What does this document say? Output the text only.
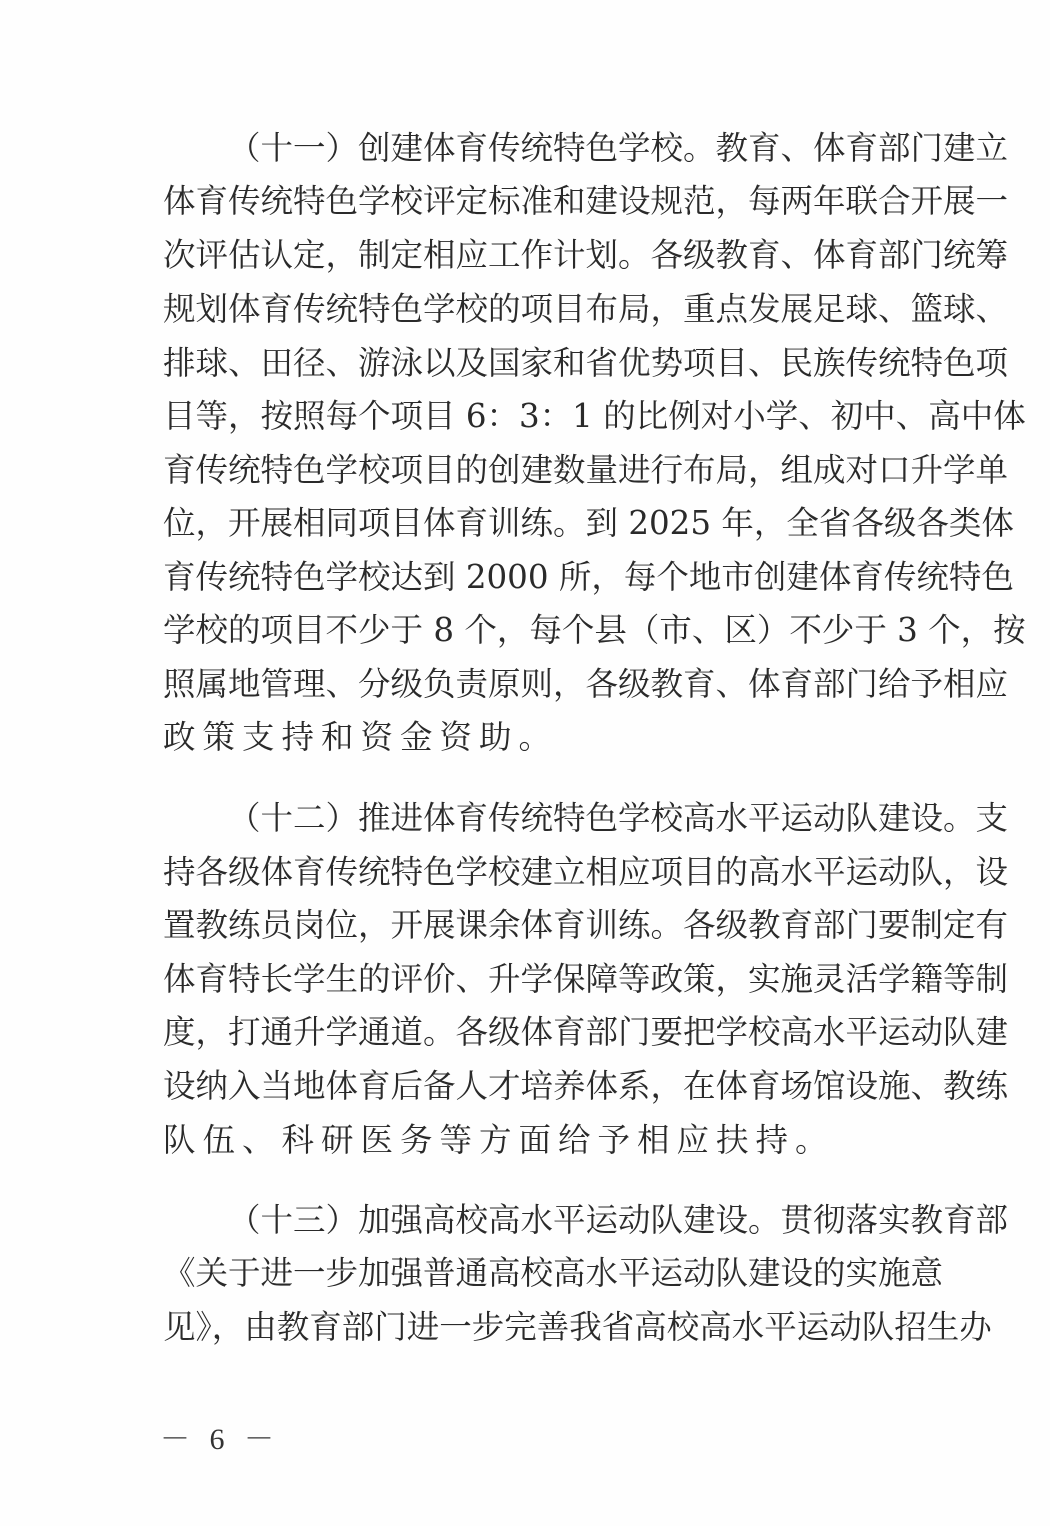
（十一）创建体育传统特色学校。教育、体育部门建立
体育传统特色学校评定标准和建设规范，每两年联合开展一
次评估认定，制定相应工作计划。各级教育、体育部门统筹
规划体育传统特色学校的项目布局，重点发展足球、篮球、
排球、田径、游泳以及国家和省优势项目、民族传统特色项
目等，按照每个项目 6：3：1 的比例对小学、初中、高中体
育传统特色学校项目的创建数量进行布局，组成对口升学单
位，开展相同项目体育训练。到 2025 年，全省各级各类体
育传统特色学校达到 2000 所，每个地市创建体育传统特色
学校的项目不少于 8 个，每个县（市、区）不少于 3 个，按
照属地管理、分级负责原则，各级教育、体育部门给予相应
政策支持和资金资助。
（十二）推进体育传统特色学校高水平运动队建设。支
持各级体育传统特色学校建立相应项目的高水平运动队，设
置教练员岗位，开展课余体育训练。各级教育部门要制定有
体育特长学生的评价、升学保障等政策，实施灵活学籍等制
度，打通升学通道。各级体育部门要把学校高水平运动队建
设纳入当地体育后备人才培养体系，在体育场馆设施、教练
队伍、科研医务等方面给予相应扶持。
（十三）加强高校高水平运动队建设。贯彻落实教育部
《关于进一步加强普通高校高水平运动队建设的实施意
见》，由教育部门进一步完善我省高校高水平运动队招生办
－ 6 －
